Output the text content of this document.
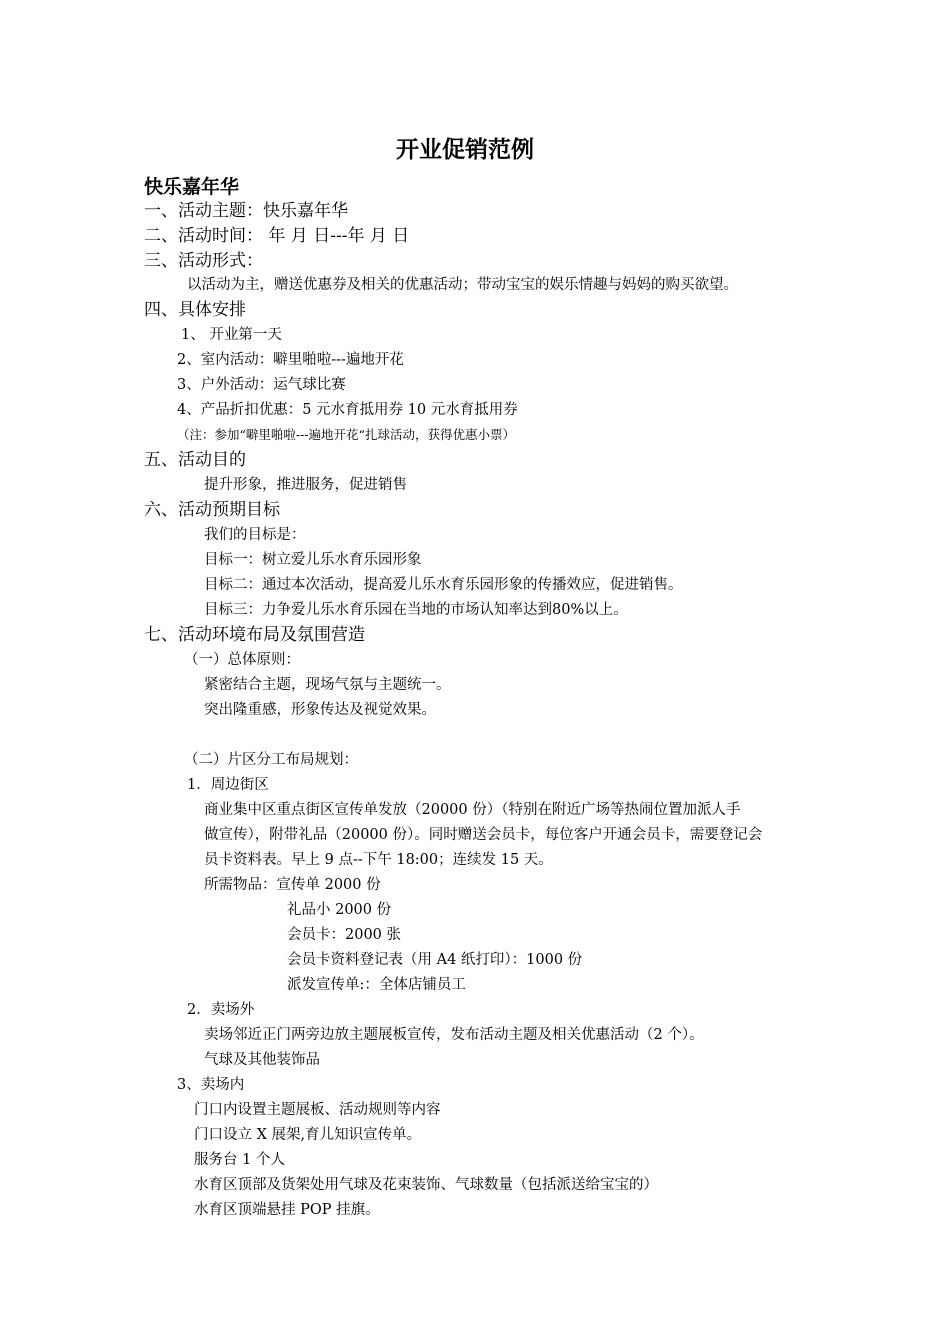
开业促销范例
快乐嘉年华
一、活动主题：快乐嘉年华
二、活动时间： 年 月 日---年 月 日
三、活动形式：
以活动为主，赠送优惠券及相关的优惠活动；带动宝宝的娱乐情趣与妈妈的购买欲望。
四、具体安排
1、 开业第一天
2、室内活动：噼里啪啦---遍地开花
3、户外活动：运气球比赛
4、产品折扣优惠：5 元水育抵用券 10 元水育抵用券
（注：参加“噼里啪啦---遍地开花“扎球活动，获得优惠小票）
五、活动目的
提升形象，推进服务，促进销售
六、活动预期目标
我们的目标是：
目标一：树立爱儿乐水育乐园形象
目标二：通过本次活动，提高爱儿乐水育乐园形象的传播效应，促进销售。
目标三：力争爱儿乐水育乐园在当地的市场认知率达到80%以上。
七、活动环境布局及氛围营造
（一）总体原则：
紧密结合主题，现场气氛与主题统一。
突出隆重感，形象传达及视觉效果。
（二）片区分工布局规划：
1．周边街区
商业集中区重点街区宣传单发放（20000 份）（特别在附近广场等热闹位置加派人手
做宣传），附带礼品（20000 份）。同时赠送会员卡，每位客户开通会员卡，需要登记会
员卡资料表。早上 9 点--下午 18:00；连续发 15 天。
所需物品：宣传单 2000 份
礼品小 2000 份
会员卡：2000 张
会员卡资料登记表（用 A4 纸打印）：1000 份
派发宣传单:：全体店铺员工
2．卖场外
卖场邻近正门两旁边放主题展板宣传，发布活动主题及相关优惠活动（2 个）。
气球及其他装饰品
3、卖场内
门口内设置主题展板、活动规则等内容
门口设立 X 展架,育儿知识宣传单。
服务台 1 个人
水育区顶部及货架处用气球及花束装饰、气球数量（包括派送给宝宝的）
水育区顶端悬挂 POP 挂旗。
